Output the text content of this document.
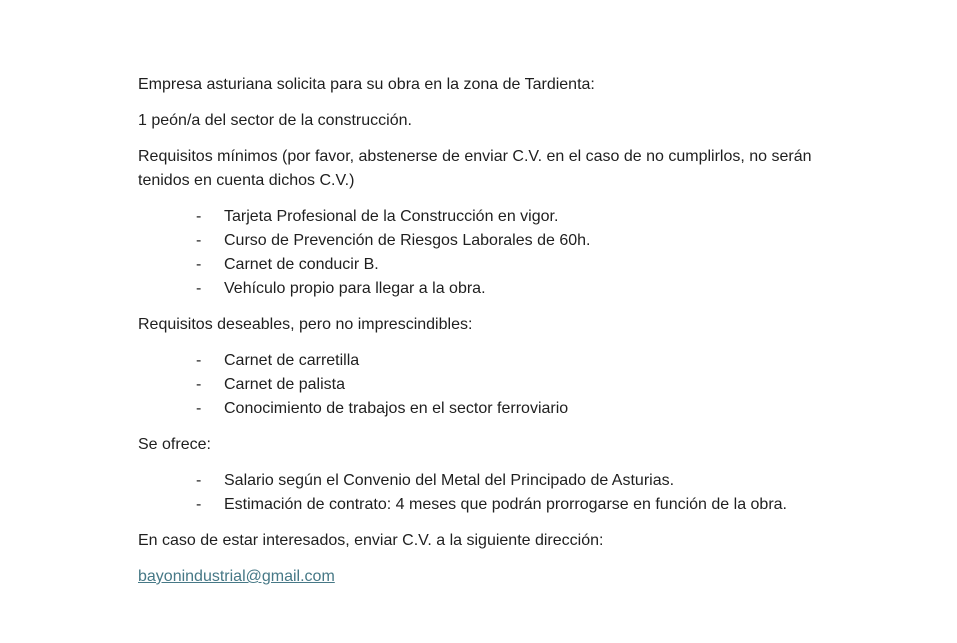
Empresa asturiana solicita para su obra en la zona de Tardienta:

1 peón/a del sector de la construcción.

Requisitos mínimos (por favor, abstenerse de enviar C.V. en el caso de no cumplirlos, no serán tenidos en cuenta dichos C.V.)

- Tarjeta Profesional de la Construcción en vigor.
- Curso de Prevención de Riesgos Laborales de 60h.
- Carnet de conducir B.
- Vehículo propio para llegar a la obra.

Requisitos deseables, pero no imprescindibles:

- Carnet de carretilla
- Carnet de palista
- Conocimiento de trabajos en el sector ferroviario

Se ofrece:

- Salario según el Convenio del Metal del Principado de Asturias.
- Estimación de contrato: 4 meses que podrán prorrogarse en función de la obra.

En caso de estar interesados, enviar C.V. a la siguiente dirección:

bayonindustrial@gmail.com
